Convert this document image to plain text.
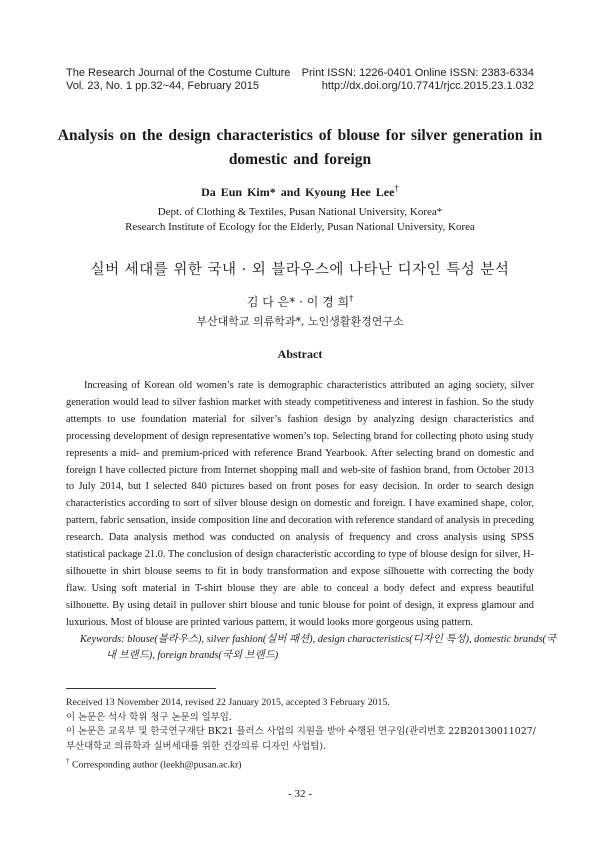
The Research Journal of the Costume Culture Print ISSN: 1226-0401 Online ISSN: 2383-6334
Vol. 23, No. 1 pp.32~44, February 2015	http://dx.doi.org/10.7741/rjcc.2015.23.1.032
Analysis on the design characteristics of blouse for silver generation in
domestic and foreign
Da Eun Kim* and Kyoung Hee Lee†
Dept. of Clothing & Textiles, Pusan National University, Korea*
Research Institute of Ecology for the Elderly, Pusan National University, Korea
실버 세대를 위한 국내 · 외 블라우스에 나타난 디자인 특성 분석
김 다 은* · 이 경 희†
부산대학교 의류학과*, 노인생활환경연구소
Abstract
Increasing of Korean old women’s rate is demographic characteristics attributed an aging society, silver generation would lead to silver fashion market with steady competitiveness and interest in fashion. So the study attempts to use foundation material for silver’s fashion design by analyzing design characteristics and processing development of design representative women’s top. Selecting brand for collecting photo using study represents a mid- and premium-priced with reference Brand Yearbook. After selecting brand on domestic and foreign I have collected picture from Internet shopping mall and web-site of fashion brand, from October 2013 to July 2014, but I selected 840 pictures based on front poses for easy decision. In order to search design characteristics according to sort of silver blouse design on domestic and foreign. I have examined shape, color, pattern, fabric sensation, inside composition line and decoration with reference standard of analysis in preceding research. Data analysis method was conducted on analysis of frequency and cross analysis using SPSS statistical package 21.0. The conclusion of design characteristic according to type of blouse design for silver, H-silhouette in shirt blouse seems to fit in body transformation and expose silhouette with correcting the body flaw. Using soft material in T-shirt blouse they are able to conceal a body defect and express beautiful silhouette. By using detail in pullover shirt blouse and tunic blouse for point of design, it express glamour and luxurious. Most of blouse are printed various pattern, it would looks more gorgeous using pattern.
Keywords: blouse(블라우스), silver fashion(실버 패션), design characteristics(디자인 특성), domestic brands(국내 브랜드), foreign brands(국외 브랜드)
Received 13 November 2014, revised 22 January 2015, accepted 3 February 2015.
이 논문은 석사 학위 청구 논문의 일부임.
이 논문은 교육부 및 한국연구재단 BK21 플러스 사업의 지원을 받아 수행된 연구임(관리번호 22B20130011027/
부산대학교 의류학과 실버세대를 위한 건강의류 디자인 사업팀).
† Corresponding author (leekh@pusan.ac.kr)
- 32 -
